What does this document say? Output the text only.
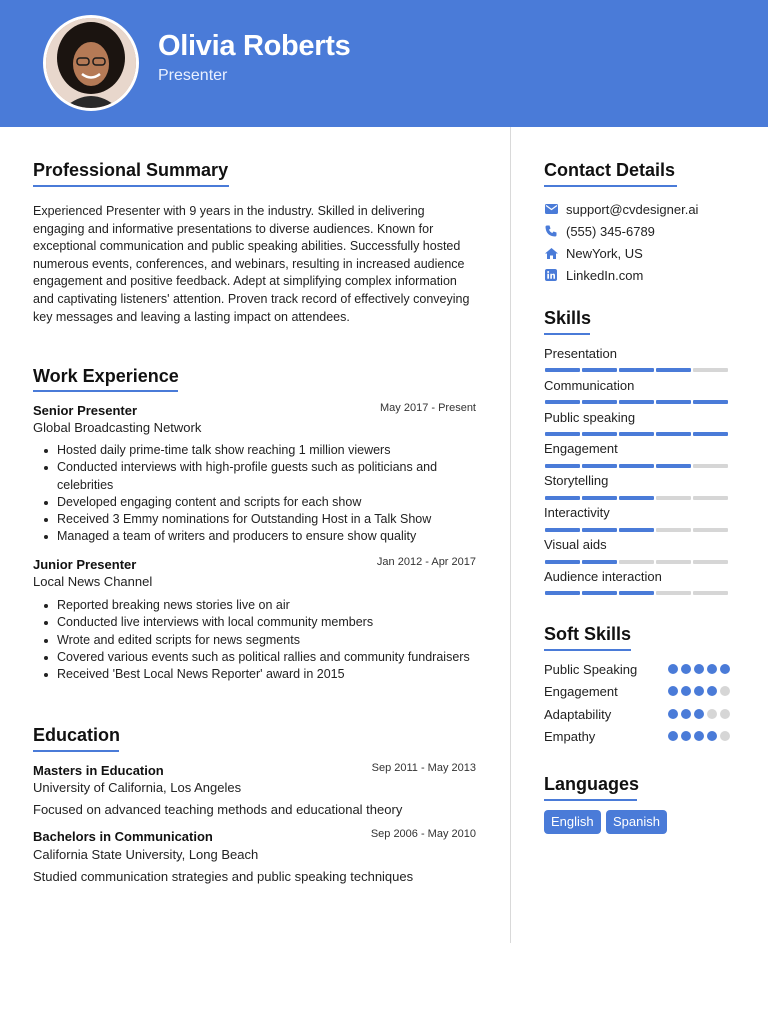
Olivia Roberts
Presenter
Professional Summary
Experienced Presenter with 9 years in the industry. Skilled in delivering engaging and informative presentations to diverse audiences. Known for exceptional communication and public speaking abilities. Successfully hosted numerous events, conferences, and webinars, resulting in increased audience engagement and positive feedback. Adept at simplifying complex information and captivating listeners' attention. Proven track record of effectively conveying key messages and leaving a lasting impact on attendees.
Work Experience
Senior Presenter	May 2017 - Present
Global Broadcasting Network
Hosted daily prime-time talk show reaching 1 million viewers
Conducted interviews with high-profile guests such as politicians and celebrities
Developed engaging content and scripts for each show
Received 3 Emmy nominations for Outstanding Host in a Talk Show
Managed a team of writers and producers to ensure show quality
Junior Presenter	Jan 2012 - Apr 2017
Local News Channel
Reported breaking news stories live on air
Conducted live interviews with local community members
Wrote and edited scripts for news segments
Covered various events such as political rallies and community fundraisers
Received 'Best Local News Reporter' award in 2015
Education
Masters in Education	Sep 2011 - May 2013
University of California, Los Angeles
Focused on advanced teaching methods and educational theory
Bachelors in Communication	Sep 2006 - May 2010
California State University, Long Beach
Studied communication strategies and public speaking techniques
Contact Details
support@cvdesigner.ai
(555) 345-6789
NewYork, US
LinkedIn.com
Skills
Presentation
Communication
Public speaking
Engagement
Storytelling
Interactivity
Visual aids
Audience interaction
Soft Skills
Public Speaking
Engagement
Adaptability
Empathy
Languages
English	Spanish
